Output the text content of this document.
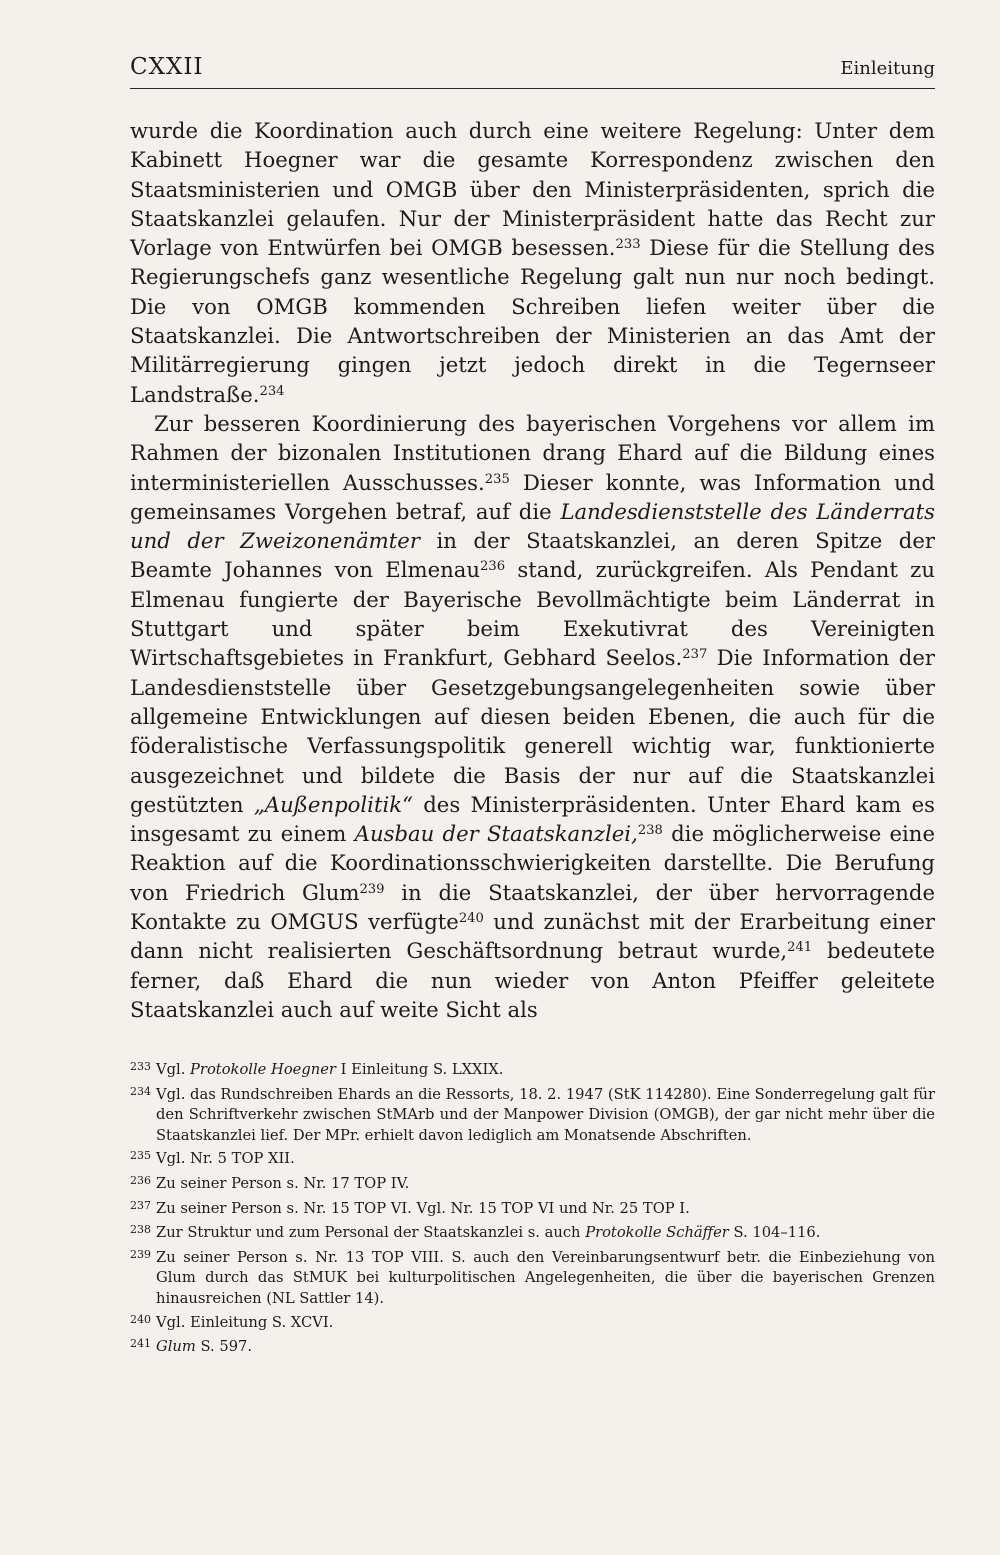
CXXII	Einleitung

wurde die Koordination auch durch eine weitere Regelung: Unter dem Kabinett Hoegner war die gesamte Korrespondenz zwischen den Staatsministerien und OMGB über den Ministerpräsidenten, sprich die Staatskanzlei gelaufen. Nur der Ministerpräsident hatte das Recht zur Vorlage von Entwürfen bei OMGB besessen.$^{233}$ Diese für die Stellung des Regierungschefs ganz wesentliche Regelung galt nun nur noch bedingt. Die von OMGB kommenden Schreiben liefen weiter über die Staatskanzlei. Die Antwortschreiben der Ministerien an das Amt der Militärregierung gingen jetzt jedoch direkt in die Tegernseer Landstraße.$^{234}$

Zur besseren Koordinierung des bayerischen Vorgehens vor allem im Rahmen der bizonalen Institutionen drang Ehard auf die Bildung eines interministeriellen Ausschusses.$^{235}$ Dieser konnte, was Information und gemeinsames Vorgehen betraf, auf die Landesdienststelle des Länderrats und der Zweizonenämter in der Staatskanzlei, an deren Spitze der Beamte Johannes von Elmenau$^{236}$ stand, zurückgreifen. Als Pendant zu Elmenau fungierte der Bayerische Bevollmächtigte beim Länderrat in Stuttgart und später beim Exekutivrat des Vereinigten Wirtschaftsgebietes in Frankfurt, Gebhard Seelos.$^{237}$ Die Information der Landesdienststelle über Gesetzgebungsangelegenheiten sowie über allgemeine Entwicklungen auf diesen beiden Ebenen, die auch für die föderalistische Verfassungspolitik generell wichtig war, funktionierte ausgezeichnet und bildete die Basis der nur auf die Staatskanzlei gestützten „Außenpolitik“ des Ministerpräsidenten. Unter Ehard kam es insgesamt zu einem Ausbau der Staatskanzlei,$^{238}$ die möglicherweise eine Reaktion auf die Koordinationsschwierigkeiten darstellte. Die Berufung von Friedrich Glum$^{239}$ in die Staatskanzlei, der über hervorragende Kontakte zu OMGUS verfügte$^{240}$ und zunächst mit der Erarbeitung einer dann nicht realisierten Geschäftsordnung betraut wurde,$^{241}$ bedeutete ferner, daß Ehard die nun wieder von Anton Pfeiffer geleitete Staatskanzlei auch auf weite Sicht als

233 Vgl. Protokolle Hoegner I Einleitung S. LXXIX.
234 Vgl. das Rundschreiben Ehards an die Ressorts, 18. 2. 1947 (StK 114280). Eine Sonderregelung galt für den Schriftverkehr zwischen StMArb und der Manpower Division (OMGB), der gar nicht mehr über die Staatskanzlei lief. Der MPr. erhielt davon lediglich am Monatsende Abschriften.
235 Vgl. Nr. 5 TOP XII.
236 Zu seiner Person s. Nr. 17 TOP IV.
237 Zu seiner Person s. Nr. 15 TOP VI. Vgl. Nr. 15 TOP VI und Nr. 25 TOP I.
238 Zur Struktur und zum Personal der Staatskanzlei s. auch Protokolle Schäffer S. 104–116.
239 Zu seiner Person s. Nr. 13 TOP VIII. S. auch den Vereinbarungsentwurf betr. die Einbeziehung von Glum durch das StMUK bei kulturpolitischen Angelegenheiten, die über die bayerischen Grenzen hinausreichen (NL Sattler 14).
240 Vgl. Einleitung S. XCVI.
241 Glum S. 597.
